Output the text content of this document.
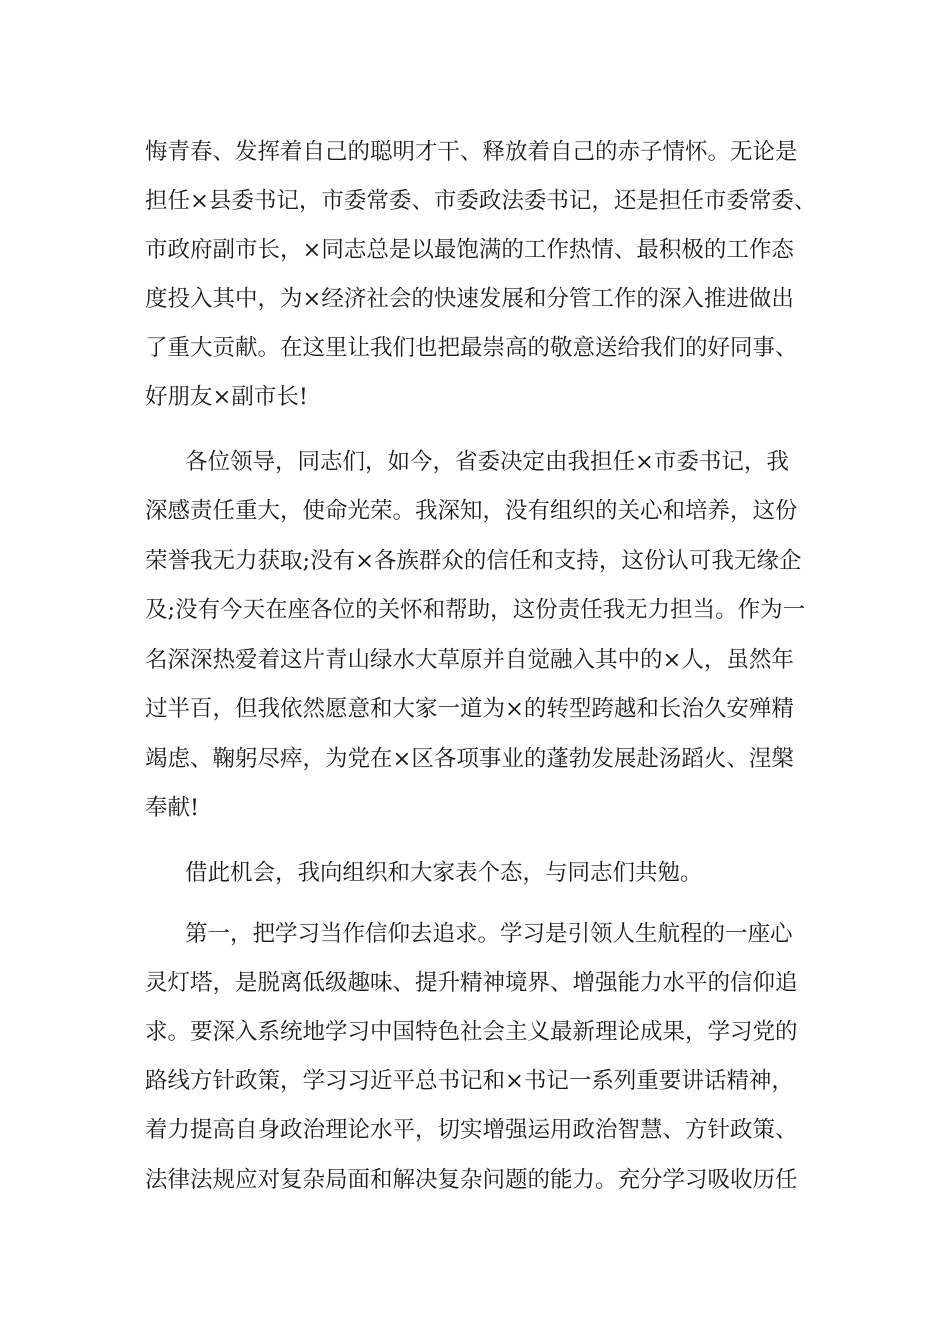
悔青春、发挥着自己的聪明才干、释放着自己的赤子情怀。无论是
担任×县委书记，市委常委、市委政法委书记，还是担任市委常委、
市政府副市长，×同志总是以最饱满的工作热情、最积极的工作态
度投入其中，为×经济社会的快速发展和分管工作的深入推进做出
了重大贡献。在这里让我们也把最崇高的敬意送给我们的好同事、
好朋友×副市长!
各位领导，同志们，如今，省委决定由我担任×市委书记，我
深感责任重大，使命光荣。我深知，没有组织的关心和培养，这份
荣誉我无力获取;没有×各族群众的信任和支持，这份认可我无缘企
及;没有今天在座各位的关怀和帮助，这份责任我无力担当。作为一
名深深热爱着这片青山绿水大草原并自觉融入其中的×人，虽然年
过半百，但我依然愿意和大家一道为×的转型跨越和长治久安殚精
竭虑、鞠躬尽瘁，为党在×区各项事业的蓬勃发展赴汤蹈火、涅槃
奉献!
借此机会，我向组织和大家表个态，与同志们共勉。
第一，把学习当作信仰去追求。学习是引领人生航程的一座心
灵灯塔，是脱离低级趣味、提升精神境界、增强能力水平的信仰追
求。要深入系统地学习中国特色社会主义最新理论成果，学习党的
路线方针政策，学习习近平总书记和×书记一系列重要讲话精神，
着力提高自身政治理论水平，切实增强运用政治智慧、方针政策、
法律法规应对复杂局面和解决复杂问题的能力。充分学习吸收历任
